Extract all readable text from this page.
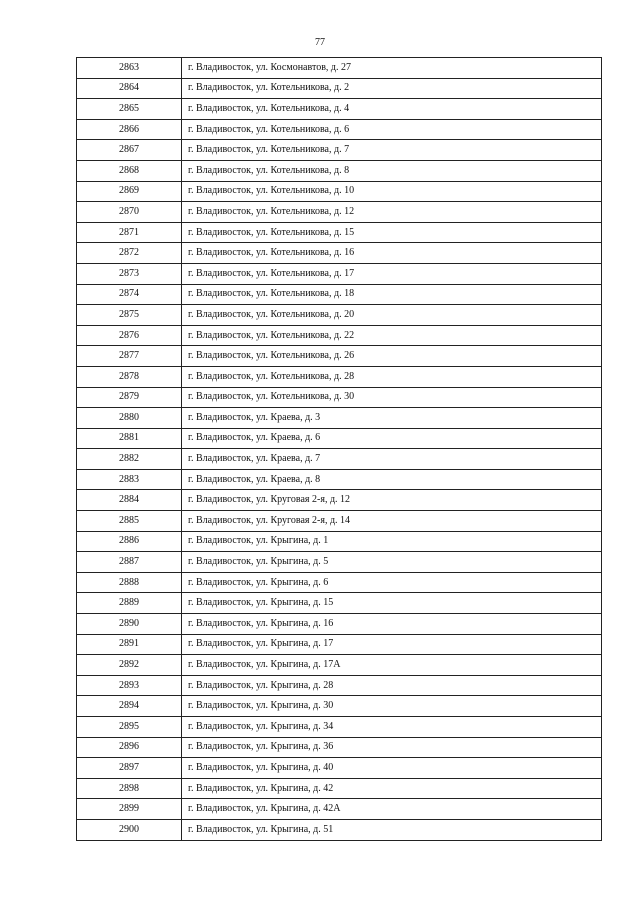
77
2863	г. Владивосток, ул. Космонавтов, д. 27
2864	г. Владивосток, ул. Котельникова, д. 2
2865	г. Владивосток, ул. Котельникова, д. 4
2866	г. Владивосток, ул. Котельникова, д. 6
2867	г. Владивосток, ул. Котельникова, д. 7
2868	г. Владивосток, ул. Котельникова, д. 8
2869	г. Владивосток, ул. Котельникова, д. 10
2870	г. Владивосток, ул. Котельникова, д. 12
2871	г. Владивосток, ул. Котельникова, д. 15
2872	г. Владивосток, ул. Котельникова, д. 16
2873	г. Владивосток, ул. Котельникова, д. 17
2874	г. Владивосток, ул. Котельникова, д. 18
2875	г. Владивосток, ул. Котельникова, д. 20
2876	г. Владивосток, ул. Котельникова, д. 22
2877	г. Владивосток, ул. Котельникова, д. 26
2878	г. Владивосток, ул. Котельникова, д. 28
2879	г. Владивосток, ул. Котельникова, д. 30
2880	г. Владивосток, ул. Краева, д. 3
2881	г. Владивосток, ул. Краева, д. 6
2882	г. Владивосток, ул. Краева, д. 7
2883	г. Владивосток, ул. Краева, д. 8
2884	г. Владивосток, ул. Круговая 2-я, д. 12
2885	г. Владивосток, ул. Круговая 2-я, д. 14
2886	г. Владивосток, ул. Крыгина, д. 1
2887	г. Владивосток, ул. Крыгина, д. 5
2888	г. Владивосток, ул. Крыгина, д. 6
2889	г. Владивосток, ул. Крыгина, д. 15
2890	г. Владивосток, ул. Крыгина, д. 16
2891	г. Владивосток, ул. Крыгина, д. 17
2892	г. Владивосток, ул. Крыгина, д. 17А
2893	г. Владивосток, ул. Крыгина, д. 28
2894	г. Владивосток, ул. Крыгина, д. 30
2895	г. Владивосток, ул. Крыгина, д. 34
2896	г. Владивосток, ул. Крыгина, д. 36
2897	г. Владивосток, ул. Крыгина, д. 40
2898	г. Владивосток, ул. Крыгина, д. 42
2899	г. Владивосток, ул. Крыгина, д. 42А
2900	г. Владивосток, ул. Крыгина, д. 51
